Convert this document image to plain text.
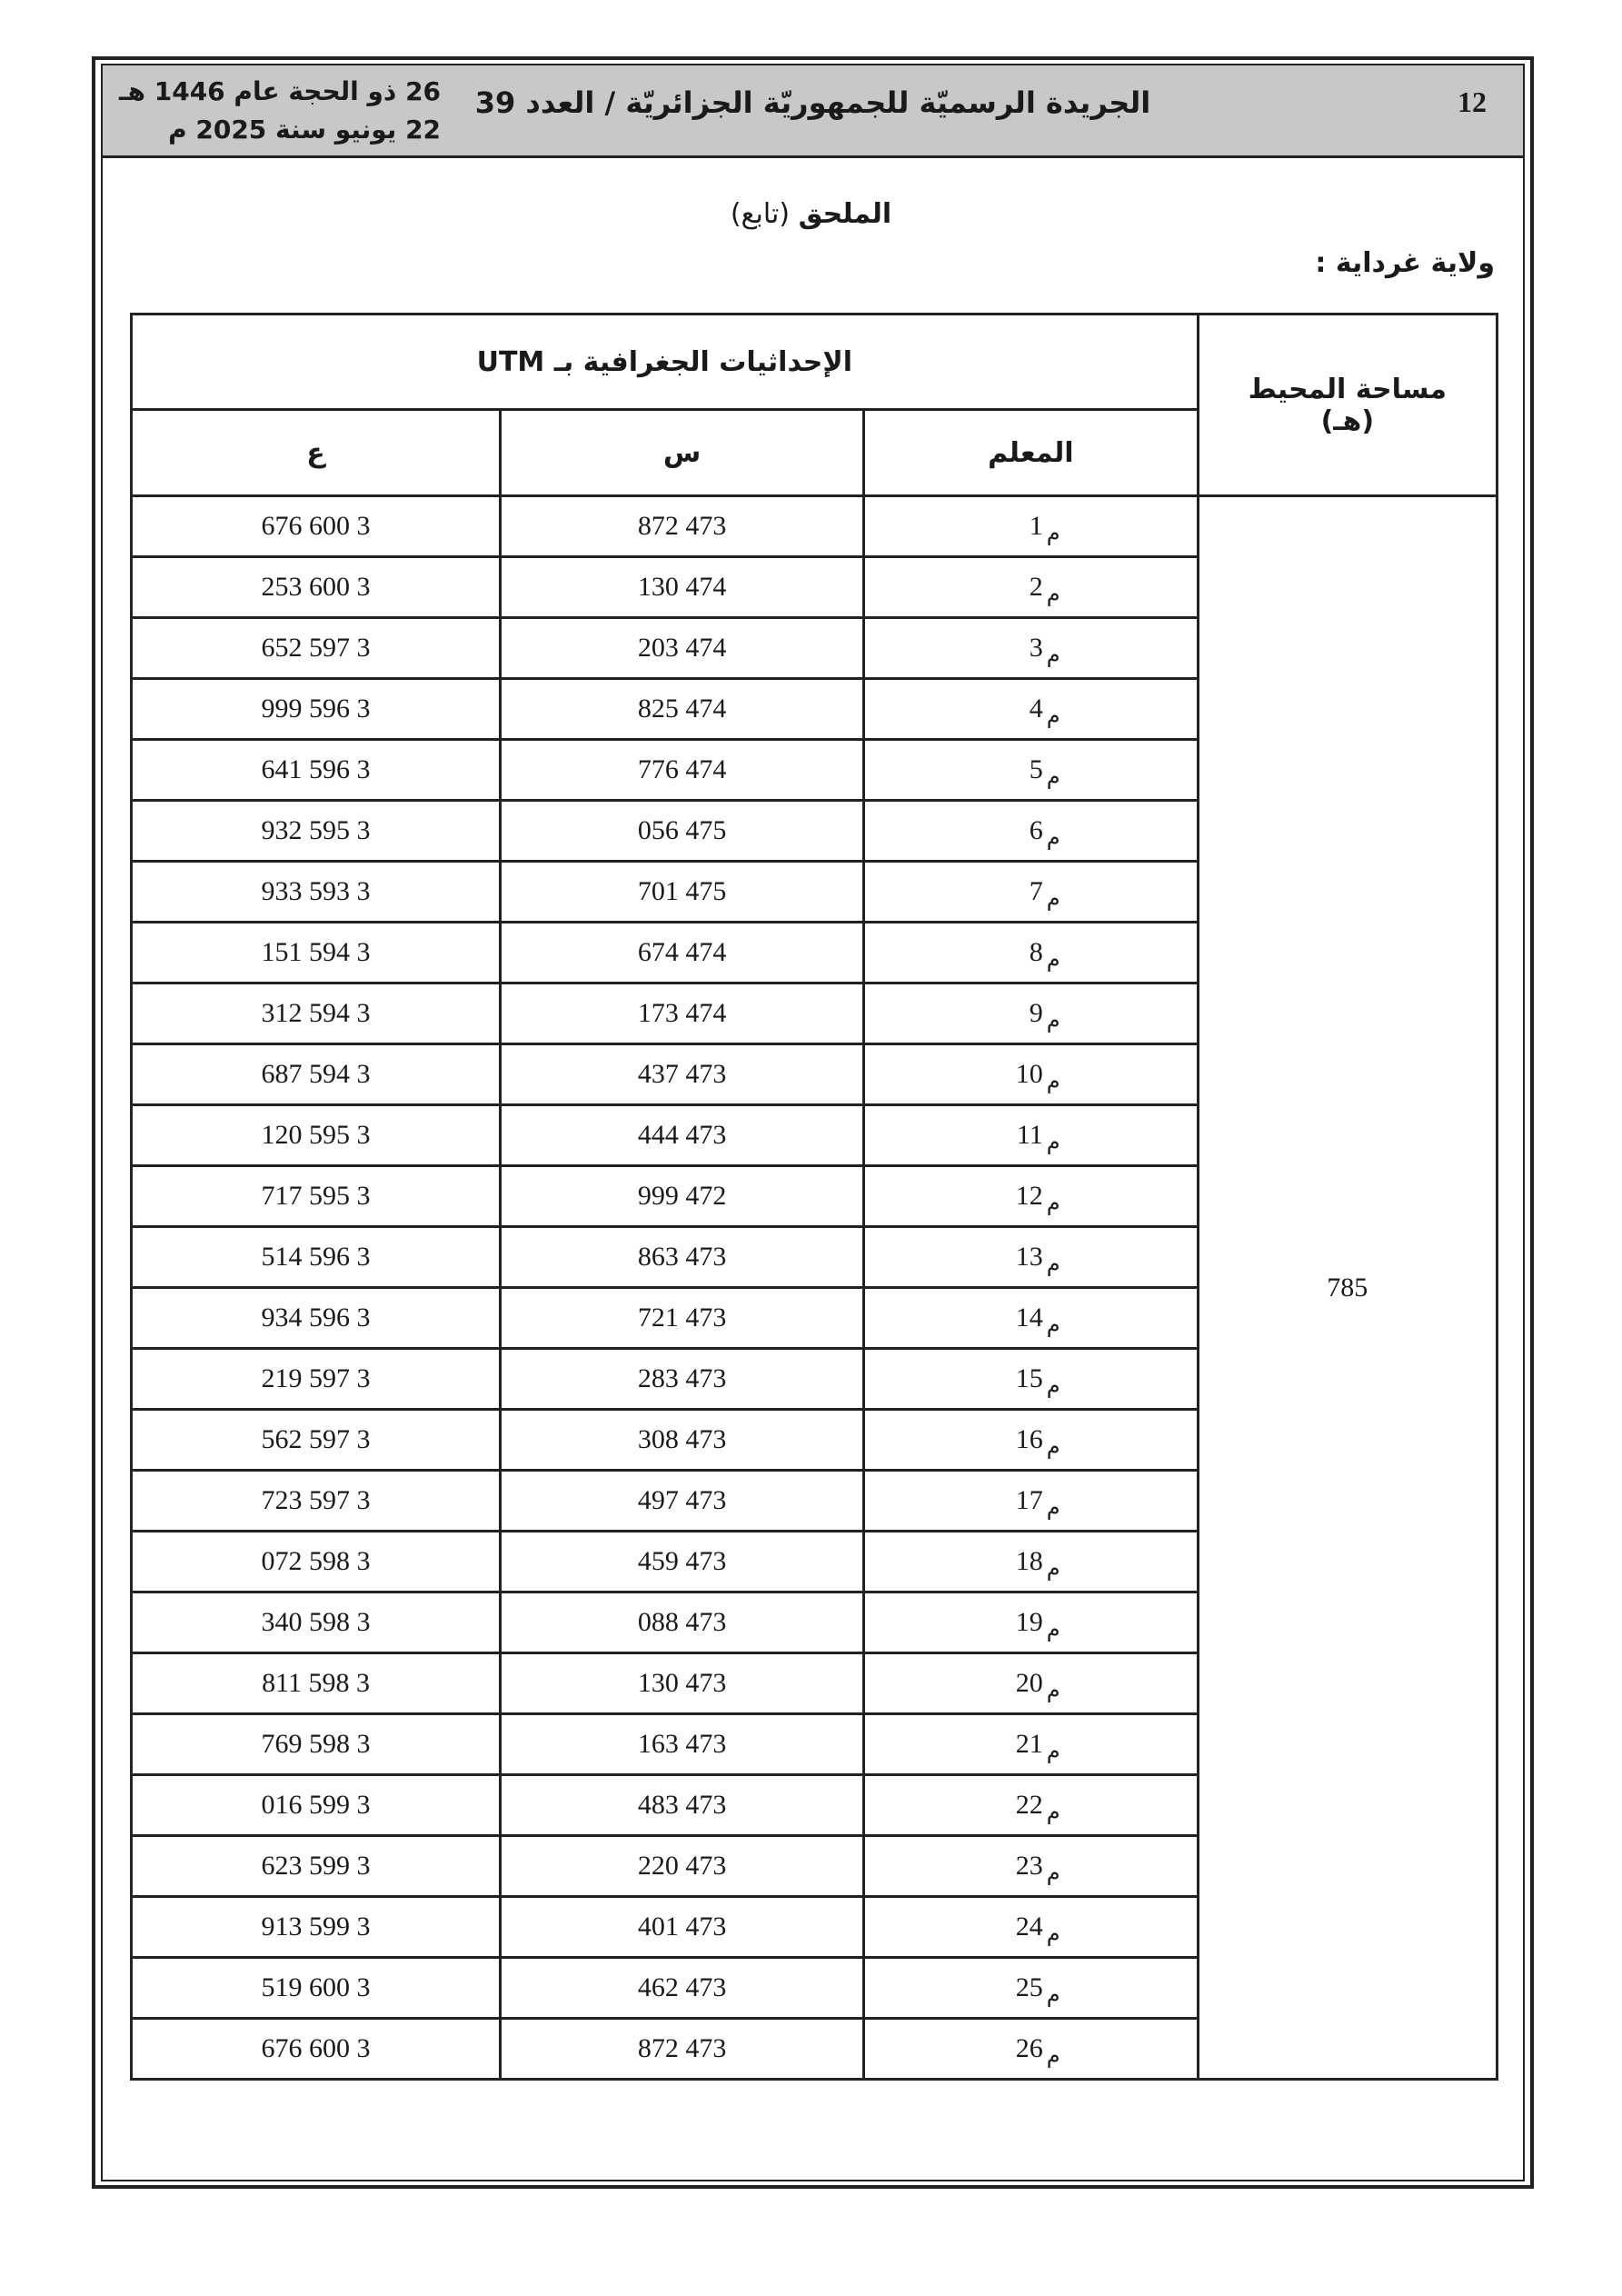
12
الجريدة الرسميّة للجمهوريّة الجزائريّة / العدد 39
26 ذو الحجة عام 1446 هـ
22 يونيو سنة 2025 م
الملحق (تابع)
ولاية غرداية :
مساحة المحيط
(هـ)	الإحداثيات الجغرافية بـ UTM		
	المعلم	س	ع
785	$_م$1	473 872	3 600 676
	$_م$2	474 130	3 600 253
	$_م$3	474 203	3 597 652
	$_م$4	474 825	3 596 999
	$_م$5	474 776	3 596 641
	$_م$6	475 056	3 595 932
	$_م$7	475 701	3 593 933
	$_م$8	474 674	3 594 151
	$_م$9	474 173	3 594 312
	$_م$10	473 437	3 594 687
	$_م$11	473 444	3 595 120
	$_م$12	472 999	3 595 717
	$_م$13	473 863	3 596 514
	$_م$14	473 721	3 596 934
	$_م$15	473 283	3 597 219
	$_م$16	473 308	3 597 562
	$_م$17	473 497	3 597 723
	$_م$18	473 459	3 598 072
	$_م$19	473 088	3 598 340
	$_م$20	473 130	3 598 811
	$_م$21	473 163	3 598 769
	$_م$22	473 483	3 599 016
	$_م$23	473 220	3 599 623
	$_م$24	473 401	3 599 913
	$_م$25	473 462	3 600 519
	$_م$26	473 872	3 600 676
